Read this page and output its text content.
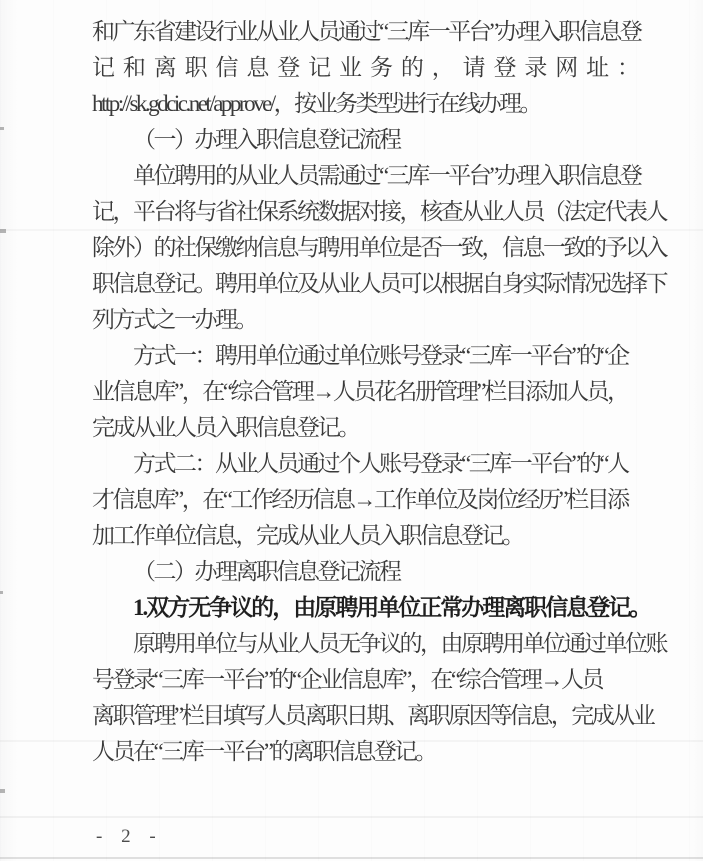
和广东省建设行业从业人员通过“三库一平台”办理入职信息登
记和离职信息登记业务的，请登录网址：
http://sk.gdcic.net/approve/，按业务类型进行在线办理。
（一）办理入职信息登记流程
单位聘用的从业人员需通过“三库一平台”办理入职信息登
记，平台将与省社保系统数据对接，核查从业人员（法定代表人
除外）的社保缴纳信息与聘用单位是否一致，信息一致的予以入
职信息登记。聘用单位及从业人员可以根据自身实际情况选择下
列方式之一办理。
方式一：聘用单位通过单位账号登录“三库一平台”的“企
业信息库”，在“综合管理→人员花名册管理”栏目添加人员，
完成从业人员入职信息登记。
方式二：从业人员通过个人账号登录“三库一平台”的“人
才信息库”，在“工作经历信息→工作单位及岗位经历”栏目添
加工作单位信息，完成从业人员入职信息登记。
（二）办理离职信息登记流程
1.双方无争议的，由原聘用单位正常办理离职信息登记。
原聘用单位与从业人员无争议的，由原聘用单位通过单位账
号登录“三库一平台”的“企业信息库”，在“综合管理→人员
离职管理”栏目填写人员离职日期、离职原因等信息，完成从业
人员在“三库一平台”的离职信息登记。
- 2 -
